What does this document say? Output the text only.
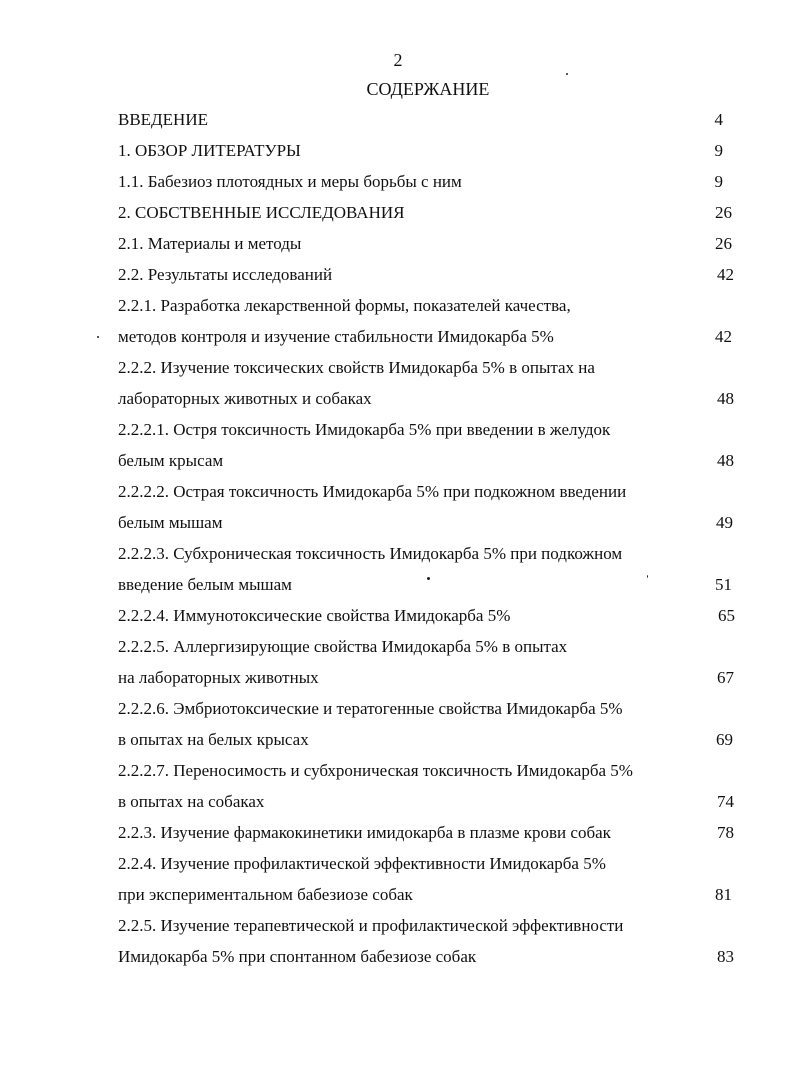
2
СОДЕРЖАНИЕ
ВВЕДЕНИЕ	4
1. ОБЗОР ЛИТЕРАТУРЫ	9
1.1. Бабезиоз плотоядных и меры борьбы с ним	9
2. СОБСТВЕННЫЕ ИССЛЕДОВАНИЯ	26
2.1. Материалы и методы	26
2.2. Результаты исследований	42
2.2.1. Разработка лекарственной формы, показателей качества,
методов контроля и изучение стабильности Имидокарба 5%	42
2.2.2. Изучение токсических свойств Имидокарба 5% в опытах на
лабораторных животных и собаках	48
2.2.2.1. Остря токсичность Имидокарба 5% при введении в желудок
белым крысам	48
2.2.2.2. Острая токсичность Имидокарба 5% при подкожном введении
белым мышам	49
2.2.2.3. Субхроническая токсичность Имидокарба 5% при подкожном
введение белым мышам	51
2.2.2.4. Иммунотоксические свойства Имидокарба 5%	65
2.2.2.5. Аллергизирующие свойства Имидокарба 5% в опытах
на лабораторных животных	67
2.2.2.6. Эмбриотоксические и тератогенные свойства Имидокарба 5%
в опытах на белых крысах	69
2.2.2.7. Переносимость и субхроническая токсичность Имидокарба 5%
в опытах на собаках	74
2.2.3. Изучение фармакокинетики имидокарба в плазме крови собак	78
2.2.4. Изучение профилактической эффективности Имидокарба 5%
при экспериментальном бабезиозе собак	81
2.2.5. Изучение терапевтической и профилактической эффективности
Имидокарба 5% при спонтанном бабезиозе собак	83
